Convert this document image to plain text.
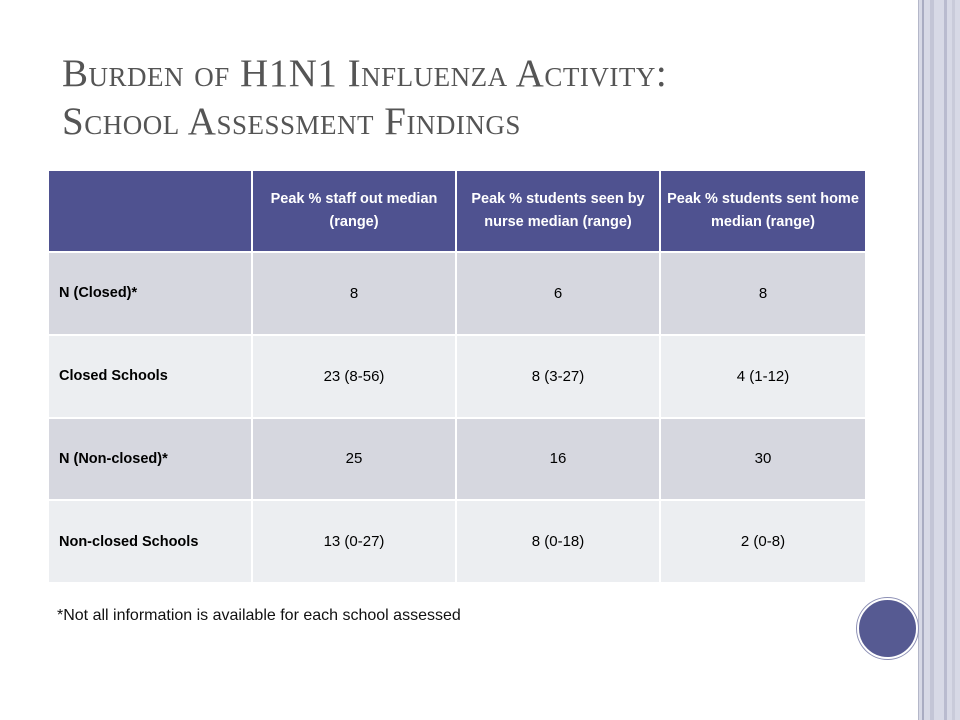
Burden of H1N1 Influenza Activity:
School Assessment Findings
	Peak % staff out median (range)	Peak % students seen by nurse median (range)	Peak % students sent home median (range)
N (Closed)*	8	6	8
Closed Schools	23 (8-56)	8 (3-27)	4 (1-12)
N (Non-closed)*	25	16	30
Non-closed Schools	13 (0-27)	8 (0-18)	2 (0-8)
*Not all information is available for each school assessed
